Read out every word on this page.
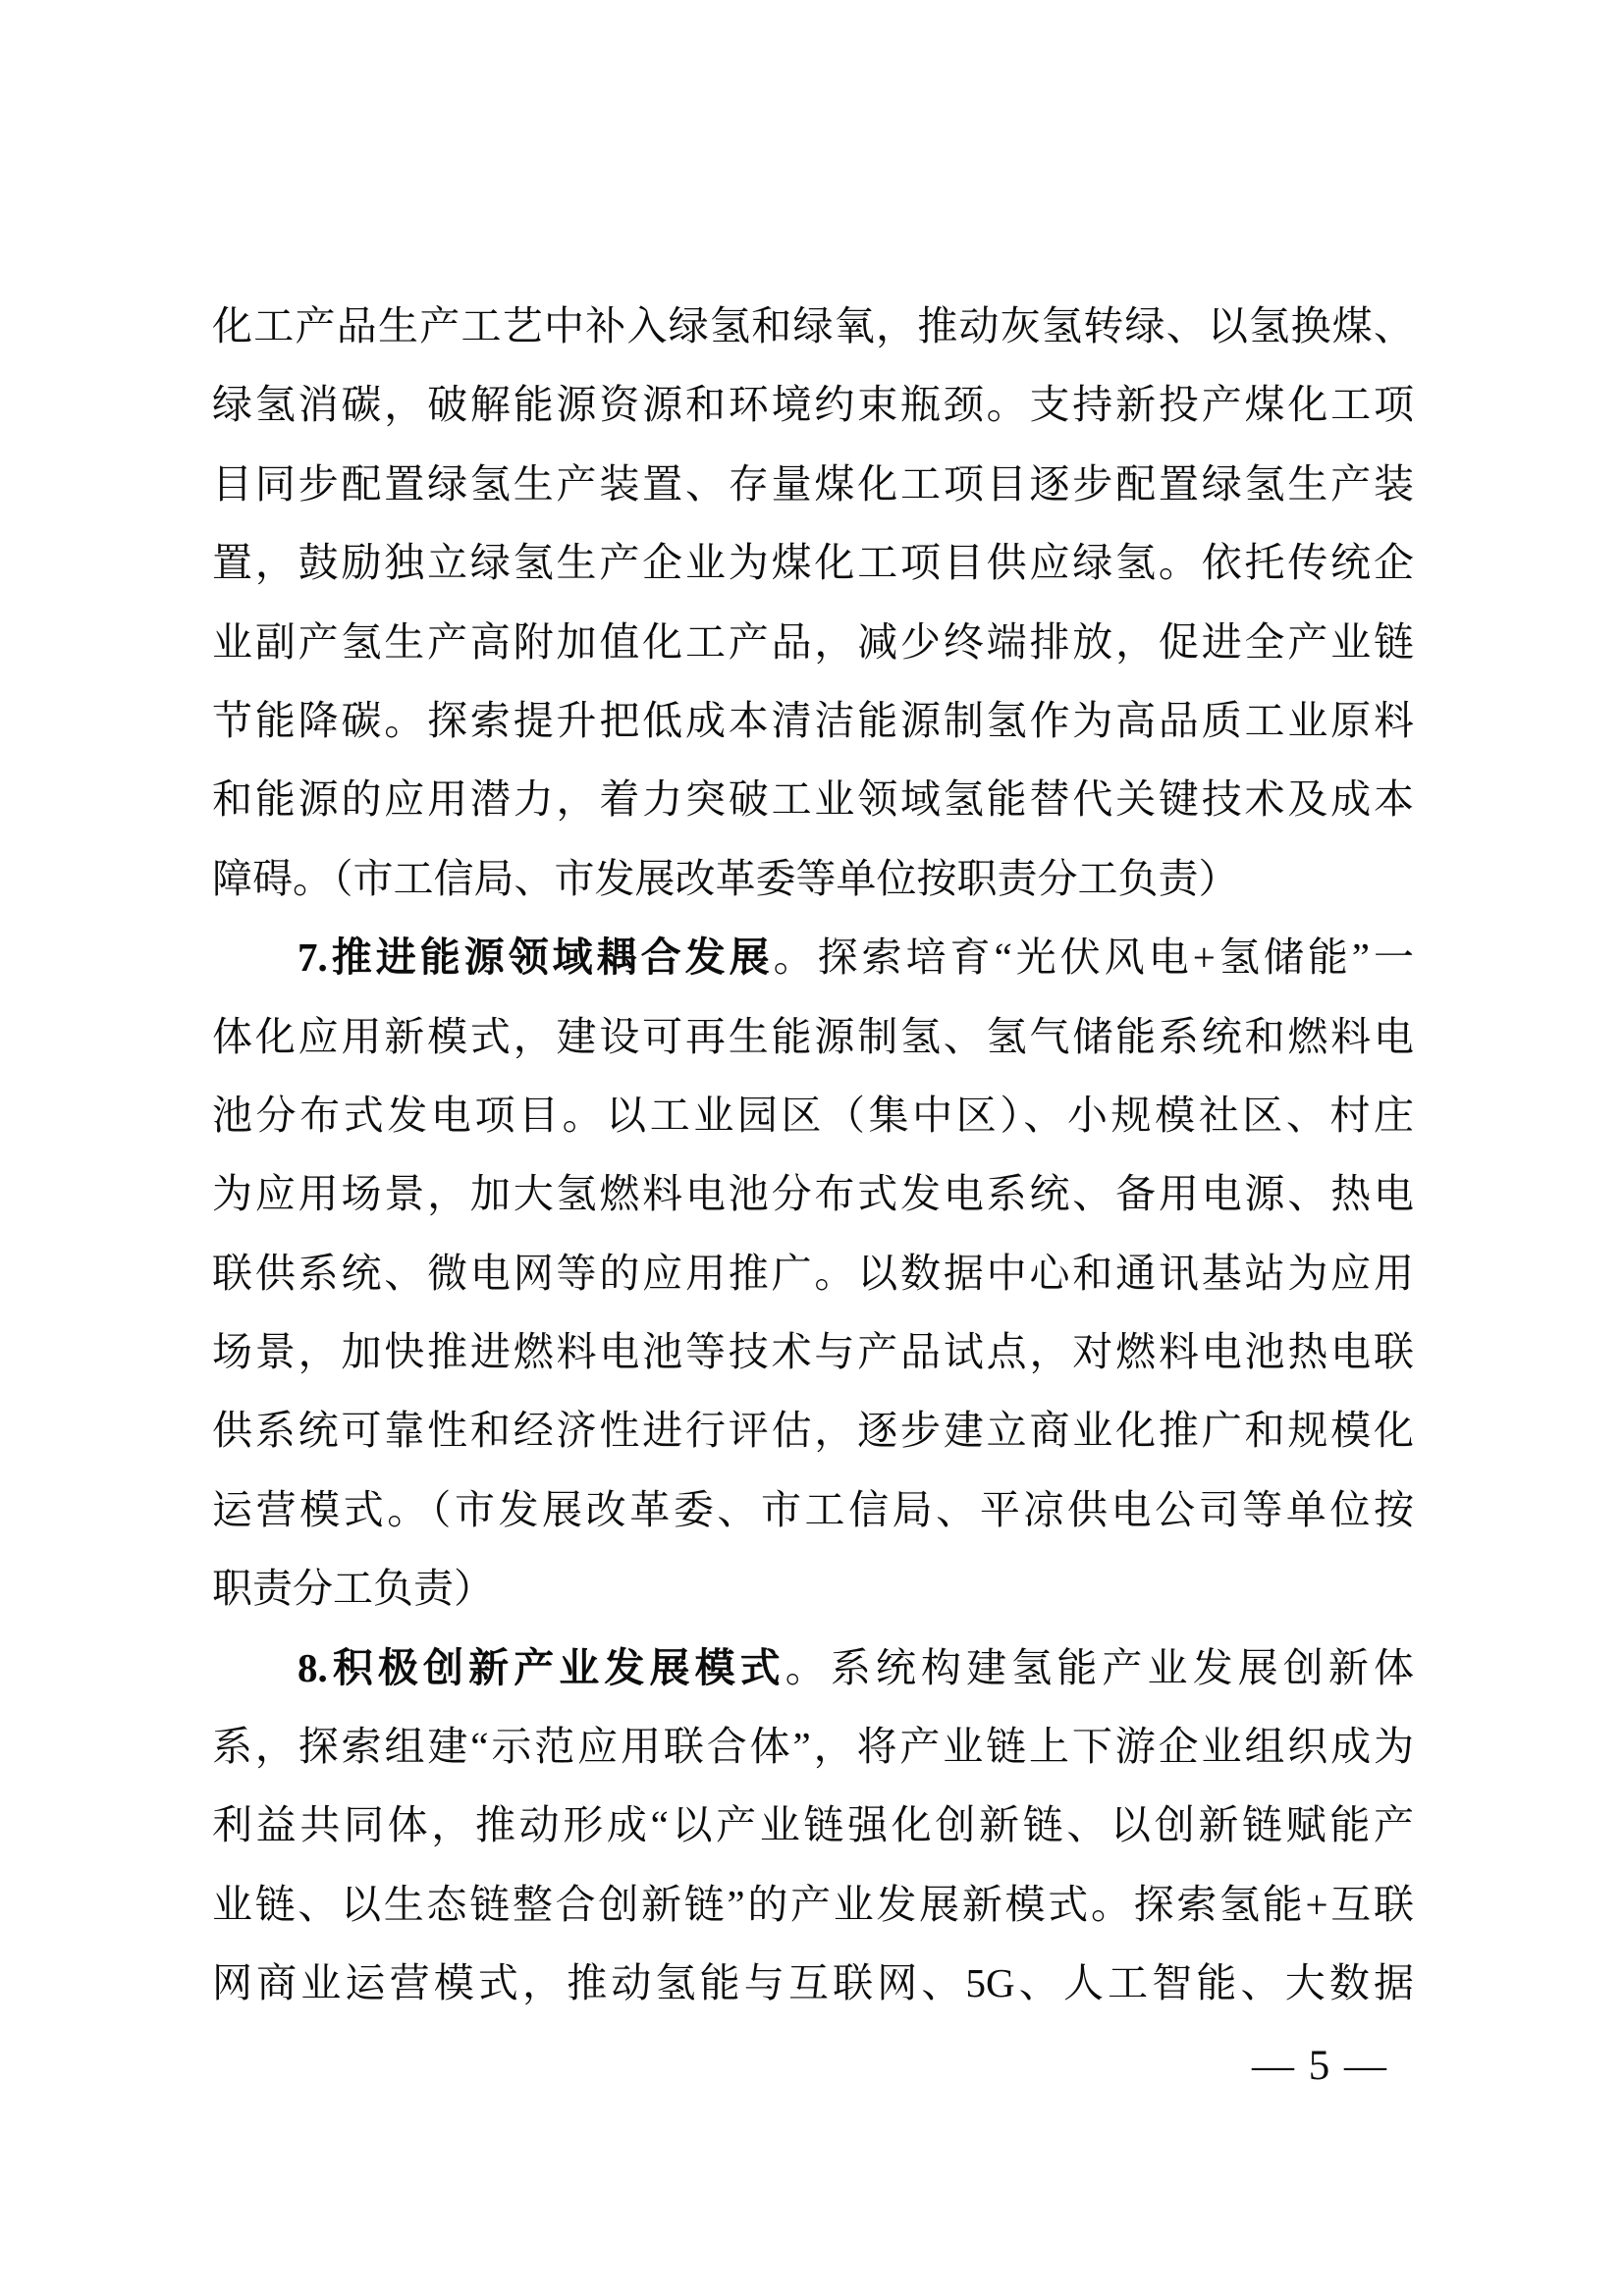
化工产品生产工艺中补入绿氢和绿氧，推动灰氢转绿、以氢换煤、
绿氢消碳，破解能源资源和环境约束瓶颈。支持新投产煤化工项
目同步配置绿氢生产装置、存量煤化工项目逐步配置绿氢生产装
置，鼓励独立绿氢生产企业为煤化工项目供应绿氢。依托传统企
业副产氢生产高附加值化工产品，减少终端排放，促进全产业链
节能降碳。探索提升把低成本清洁能源制氢作为高品质工业原料
和能源的应用潜力，着力突破工业领域氢能替代关键技术及成本
障碍。（市工信局、市发展改革委等单位按职责分工负责）
7.推进能源领域耦合发展。探索培育“光伏风电+氢储能”一
体化应用新模式，建设可再生能源制氢、氢气储能系统和燃料电
池分布式发电项目。以工业园区（集中区）、小规模社区、村庄
为应用场景，加大氢燃料电池分布式发电系统、备用电源、热电
联供系统、微电网等的应用推广。以数据中心和通讯基站为应用
场景，加快推进燃料电池等技术与产品试点，对燃料电池热电联
供系统可靠性和经济性进行评估，逐步建立商业化推广和规模化
运营模式。（市发展改革委、市工信局、平凉供电公司等单位按
职责分工负责）
8.积极创新产业发展模式。系统构建氢能产业发展创新体
系，探索组建“示范应用联合体”，将产业链上下游企业组织成为
利益共同体，推动形成“以产业链强化创新链、以创新链赋能产
业链、以生态链整合创新链”的产业发展新模式。探索氢能+互联
网商业运营模式，推动氢能与互联网、5G、人工智能、大数据
— 5 —
